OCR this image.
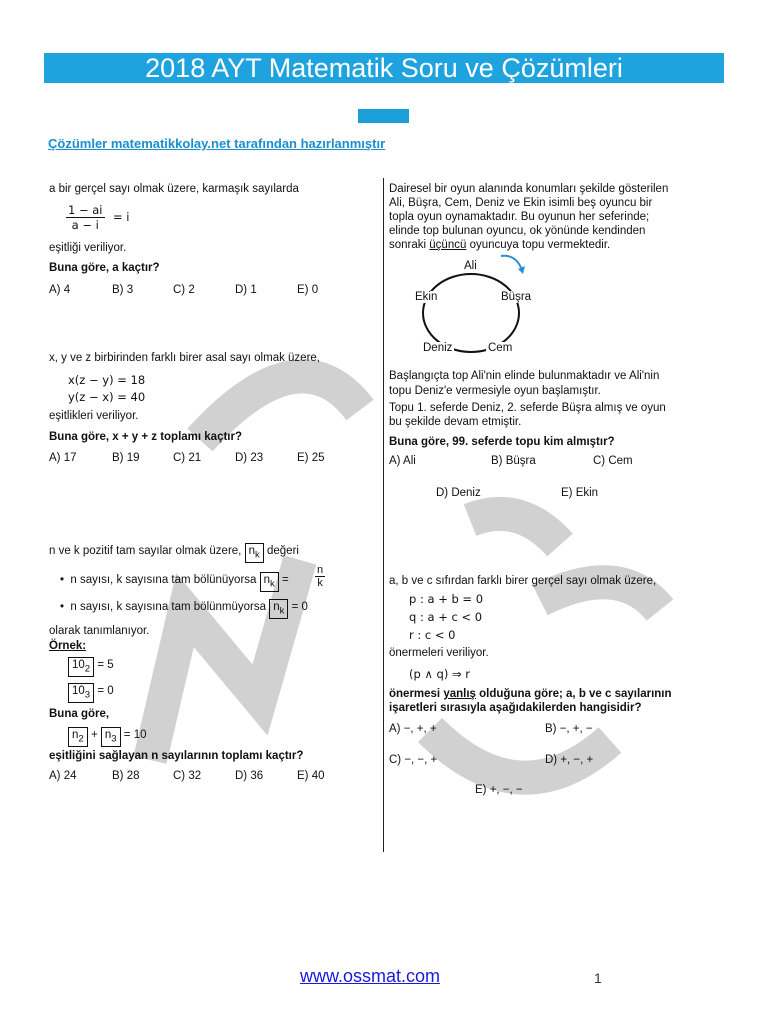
2018 AYT Matematik Soru ve Çözümleri
Çözümler matematikkolay.net tarafından hazırlanmıştır
a bir gerçel sayı olmak üzere, karmaşık sayılarda
$\frac{1 - ai}{a - i} = i$
eşitliği veriliyor.
Buna göre, a kaçtır?
A) 4	B) 3	C) 2	D) 1	E) 0
x, y ve z birbirinden farklı birer asal sayı olmak üzere,
x(z − y) = 18
y(z − x) = 40
eşitlikleri veriliyor.
Buna göre, x + y + z toplamı kaçtır?
A) 17	B) 19	C) 21	D) 23	E) 25
n ve k pozitif tam sayılar olmak üzere, $n_k$ değeri
•  n sayısı, k sayısına tam bölünüyorsa $n_k = \frac{n}{k}$
•  n sayısı, k sayısına tam bölünmüyorsa $n_k = 0$
olarak tanımlanıyor.
Örnek:
$10_2 = 5$
$10_3 = 0$
Buna göre,
$n_2 + n_3 = 10$
eşitliğini sağlayan n sayılarının toplamı kaçtır?
A) 24	B) 28	C) 32	D) 36	E) 40
Dairesel bir oyun alanında konumları şekilde gösterilen
Ali, Büşra, Cem, Deniz ve Ekin isimli beş oyuncu bir
topla oyun oynamaktadır. Bu oyunun her seferinde;
elinde top bulunan oyuncu, ok yönünde kendinden
sonraki üçüncü oyuncuya topu vermektedir.
Ali
Büşra
Cem
Deniz
Ekin
Başlangıçta top Ali'nin elinde bulunmaktadır ve Ali'nin
topu Deniz'e vermesiyle oyun başlamıştır.
Topu 1. seferde Deniz, 2. seferde Büşra almış ve oyun
bu şekilde devam etmiştir.
Buna göre, 99. seferde topu kim almıştır?
A) Ali	B) Büşra	C) Cem
D) Deniz	E) Ekin
a, b ve c sıfırdan farklı birer gerçel sayı olmak üzere,
p : a + b = 0
q : a + c < 0
r : c < 0
önermeleri veriliyor.
(p ∧ q) ⇒ r
önermesi yanlış olduğuna göre; a, b ve c sayılarının
işaretleri sırasıyla aşağıdakilerden hangisidir?
A) −, +, +	B) −, +, −
C) −, −, +	D) +, −, +
E) +, −, −
www.ossmat.com	1
